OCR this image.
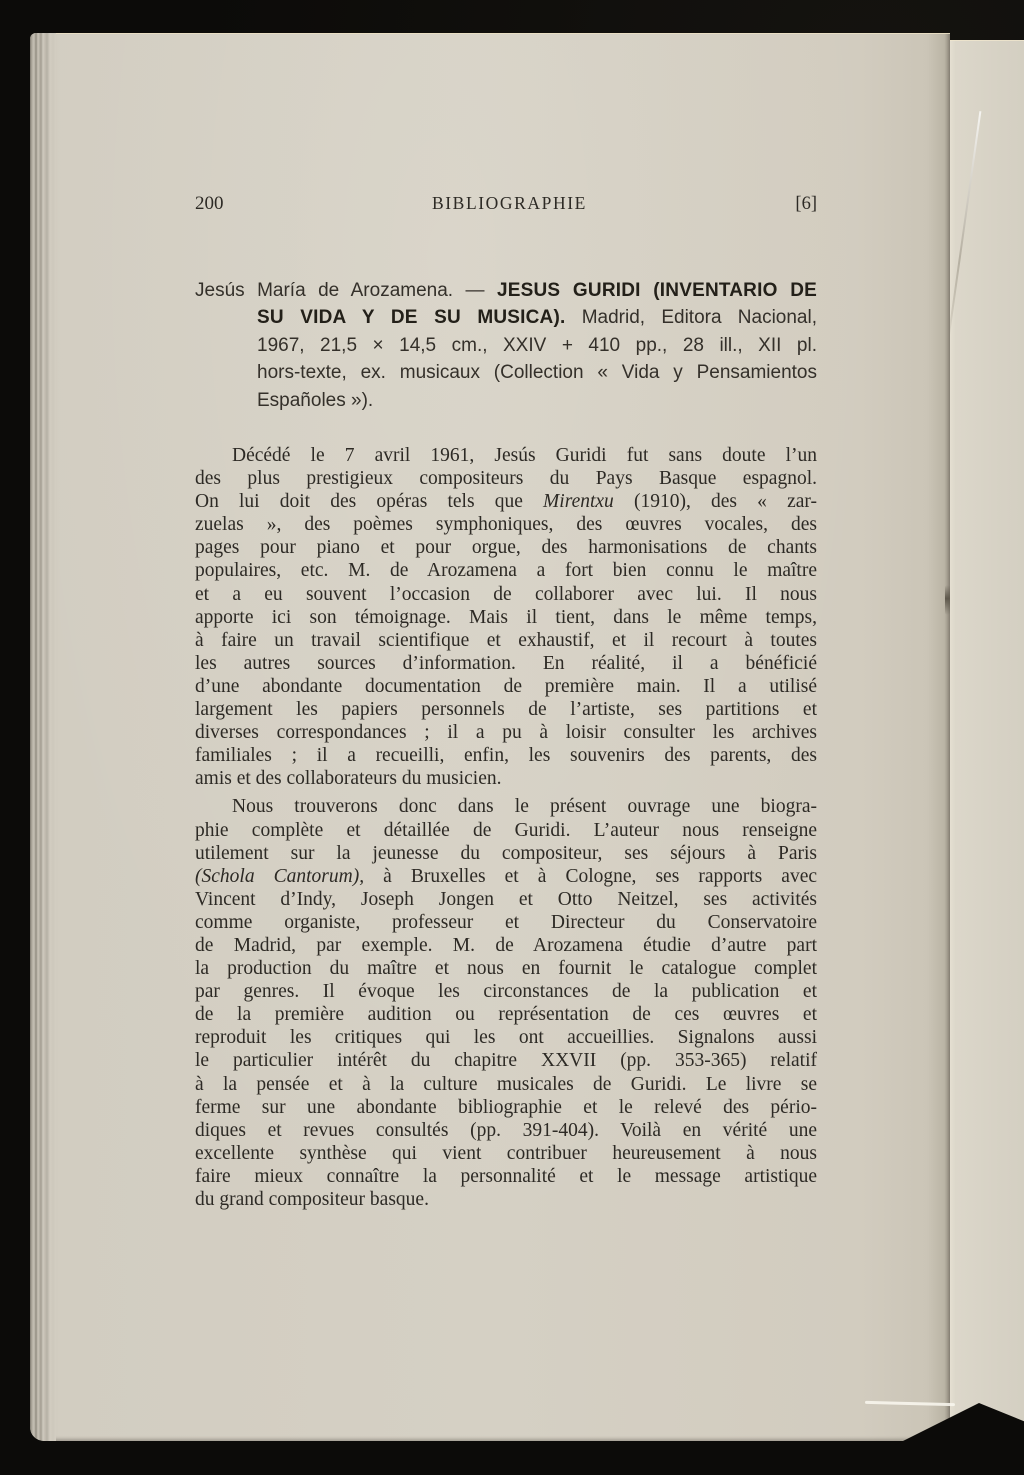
200	BIBLIOGRAPHIE	[6]
Jesús María de Arozamena. — JESUS GURIDI (INVENTARIO DE
SU VIDA Y DE SU MUSICA). Madrid, Editora Nacional,
1967, 21,5 × 14,5 cm., XXIV + 410 pp., 28 ill., XII pl.
hors-texte, ex. musicaux (Collection « Vida y Pensamientos
Españoles »).
Décédé le 7 avril 1961, Jesús Guridi fut sans doute l’un
des plus prestigieux compositeurs du Pays Basque espagnol.
On lui doit des opéras tels que Mirentxu (1910), des « zar-
zuelas », des poèmes symphoniques, des œuvres vocales, des
pages pour piano et pour orgue, des harmonisations de chants
populaires, etc. M. de Arozamena a fort bien connu le maître
et a eu souvent l’occasion de collaborer avec lui. Il nous
apporte ici son témoignage. Mais il tient, dans le même temps,
à faire un travail scientifique et exhaustif, et il recourt à toutes
les autres sources d’information. En réalité, il a bénéficié
d’une abondante documentation de première main. Il a utilisé
largement les papiers personnels de l’artiste, ses partitions et
diverses correspondances ; il a pu à loisir consulter les archives
familiales ; il a recueilli, enfin, les souvenirs des parents, des
amis et des collaborateurs du musicien.
Nous trouverons donc dans le présent ouvrage une biogra-
phie complète et détaillée de Guridi. L’auteur nous renseigne
utilement sur la jeunesse du compositeur, ses séjours à Paris
(Schola Cantorum), à Bruxelles et à Cologne, ses rapports avec
Vincent d’Indy, Joseph Jongen et Otto Neitzel, ses activités
comme organiste, professeur et Directeur du Conservatoire
de Madrid, par exemple. M. de Arozamena étudie d’autre part
la production du maître et nous en fournit le catalogue complet
par genres. Il évoque les circonstances de la publication et
de la première audition ou représentation de ces œuvres et
reproduit les critiques qui les ont accueillies. Signalons aussi
le particulier intérêt du chapitre XXVII (pp. 353-365) relatif
à la pensée et à la culture musicales de Guridi. Le livre se
ferme sur une abondante bibliographie et le relevé des pério-
diques et revues consultés (pp. 391-404). Voilà en vérité une
excellente synthèse qui vient contribuer heureusement à nous
faire mieux connaître la personnalité et le message artistique
du grand compositeur basque.
